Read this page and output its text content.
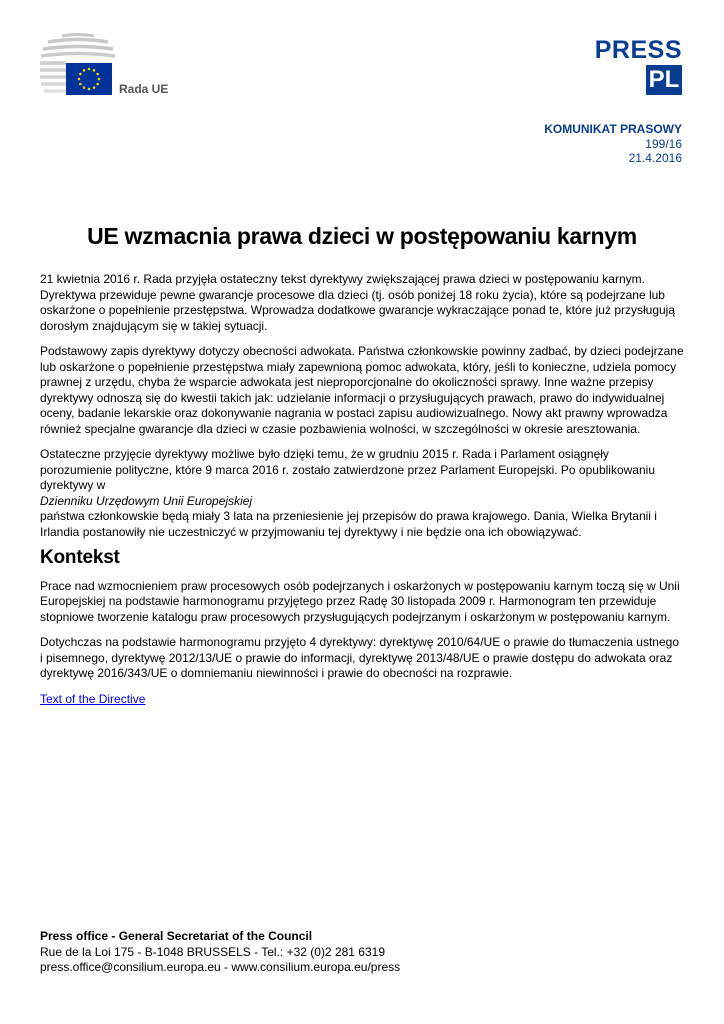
Rada UE
PRESS
PL
KOMUNIKAT PRASOWY
199/16
21.4.2016
UE wzmacnia prawa dzieci w postępowaniu karnym

21 kwietnia 2016 r. Rada przyjęła ostateczny tekst dyrektywy zwiększającej prawa dzieci w postępowaniu karnym. Dyrektywa przewiduje pewne gwarancje procesowe dla dzieci (tj. osób poniżej 18 roku życia), które są podejrzane lub oskarżone o popełnienie przestępstwa. Wprowadza dodatkowe gwarancje wykraczające ponad te, które już przysługują dorosłym znajdującym się w takiej sytuacji.

Podstawowy zapis dyrektywy dotyczy obecności adwokata. Państwa członkowskie powinny zadbać, by dzieci podejrzane lub oskarżone o popełnienie przestępstwa miały zapewnioną pomoc adwokata, który, jeśli to konieczne, udziela pomocy prawnej z urzędu, chyba że wsparcie adwokata jest nieproporcjonalne do okoliczności sprawy. Inne ważne przepisy dyrektywy odnoszą się do kwestii takich jak: udzielanie informacji o przysługujących prawach, prawo do indywidualnej oceny, badanie lekarskie oraz dokonywanie nagrania w postaci zapisu audiowizualnego. Nowy akt prawny wprowadza również specjalne gwarancje dla dzieci w czasie pozbawienia wolności, w szczególności w okresie aresztowania.

Ostateczne przyjęcie dyrektywy możliwe było dzięki temu, że w grudniu 2015 r. Rada i Parlament osiągnęły porozumienie polityczne, które 9 marca 2016 r. zostało zatwierdzone przez Parlament Europejski. Po opublikowaniu dyrektywy w
Dzienniku Urzędowym Unii Europejskiej
państwa członkowskie będą miały 3 lata na przeniesienie jej przepisów do prawa krajowego. Dania, Wielka Brytanii i Irlandia postanowiły nie uczestniczyć w przyjmowaniu tej dyrektywy i nie będzie ona ich obowiązywać.

Kontekst

Prace nad wzmocnieniem praw procesowych osób podejrzanych i oskarżonych w postępowaniu karnym toczą się w Unii Europejskiej na podstawie harmonogramu przyjętego przez Radę 30 listopada 2009 r. Harmonogram ten przewiduje stopniowe tworzenie katalogu praw procesowych przysługujących podejrzanym i oskarżonym w postępowaniu karnym.

Dotychczas na podstawie harmonogramu przyjęto 4 dyrektywy: dyrektywę 2010/64/UE o prawie do tłumaczenia ustnego i pisemnego, dyrektywę 2012/13/UE o prawie do informacji, dyrektywę 2013/48/UE o prawie dostępu do adwokata oraz dyrektywę 2016/343/UE o domniemaniu niewinności i prawie do obecności na rozprawie.

Text of the Directive

Press office - General Secretariat of the Council
Rue de la Loi 175 - B-1048 BRUSSELS - Tel.: +32 (0)2 281 6319
press.office@consilium.europa.eu - www.consilium.europa.eu/press
